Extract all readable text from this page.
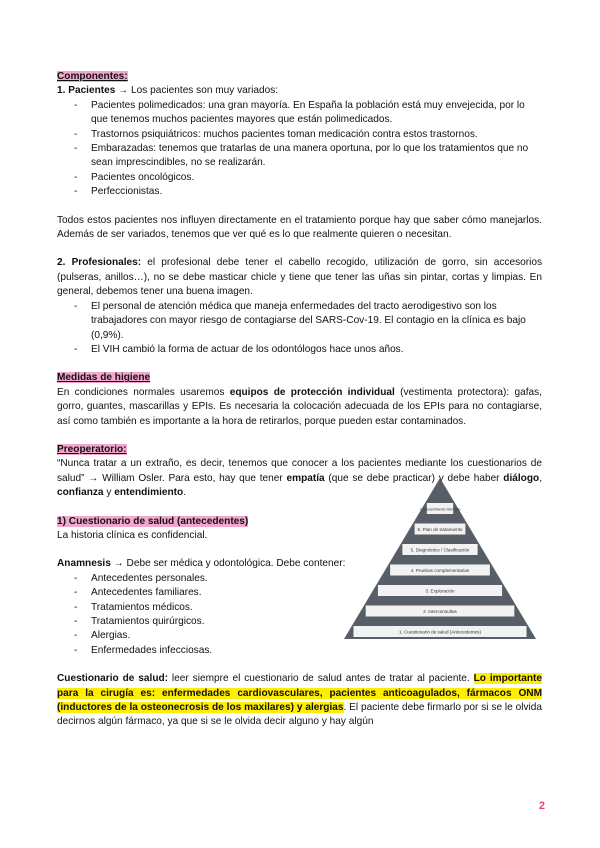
Componentes:

1. Pacientes → Los pacientes son muy variados:

- Pacientes polimedicados: una gran mayoría. En España la población está muy envejecida, por lo que tenemos muchos pacientes mayores que están polimedicados.
- Trastornos psiquiátricos: muchos pacientes toman medicación contra estos trastornos.
- Embarazadas: tenemos que tratarlas de una manera oportuna, por lo que los tratamientos que no sean imprescindibles, no se realizarán.
- Pacientes oncológicos.
- Perfeccionistas.

Todos estos pacientes nos influyen directamente en el tratamiento porque hay que saber cómo manejarlos. Además de ser variados, tenemos que ver qué es lo que realmente quieren o necesitan.

2. Profesionales: el profesional debe tener el cabello recogido, utilización de gorro, sin accesorios (pulseras, anillos…), no se debe masticar chicle y tiene que tener las uñas sin pintar, cortas y limpias. En general, debemos tener una buena imagen.

- El personal de atención médica que maneja enfermedades del tracto aerodigestivo son los trabajadores con mayor riesgo de contagiarse del SARS-Cov-19. El contagio en la clínica es bajo (0,9%).
- El VIH cambió la forma de actuar de los odontólogos hace unos años.

Medidas de higiene

En condiciones normales usaremos equipos de protección individual (vestimenta protectora): gafas, gorro, guantes, mascarillas y EPIs. Es necesaria la colocación adecuada de los EPIs para no contagiarse, así como también es importante a la hora de retirarlos, porque pueden estar contaminados.

Preoperatorio:

“Nunca tratar a un extraño, es decir, tenemos que conocer a los pacientes mediante los cuestionarios de salud” → William Osler. Para esto, hay que tener empatía (que se debe practicar) y debe haber diálogo, confianza y entendimiento.

1) Cuestionario de salud (antecedentes)

La historia clínica es confidencial.

Anamnesis → Debe ser médica y odontológica. Debe contener:

- Antecedentes personales.
- Antecedentes familiares.
- Tratamientos médicos.
- Tratamientos quirúrgicos.
- Alergias.
- Enfermedades infecciosas.

Cuestionario de salud: leer siempre el cuestionario de salud antes de tratar al paciente. Lo importante para la cirugía es: enfermedades cardiovasculares, pacientes anticoagulados, fármacos ONM (inductores de la osteonecrosis de los maxilares) y alergias. El paciente debe firmarlo por si se le olvida decirnos algún fármaco, ya que si se le olvida decir alguno y hay algún

7. Consentimiento informado
6. Plan de tratamiento
5. Diagnóstico / Clasificación
4. Pruebas complementarias
3. Exploración
2. Interconsultas
1. Cuestionario de salud (Antecedentes)
2
